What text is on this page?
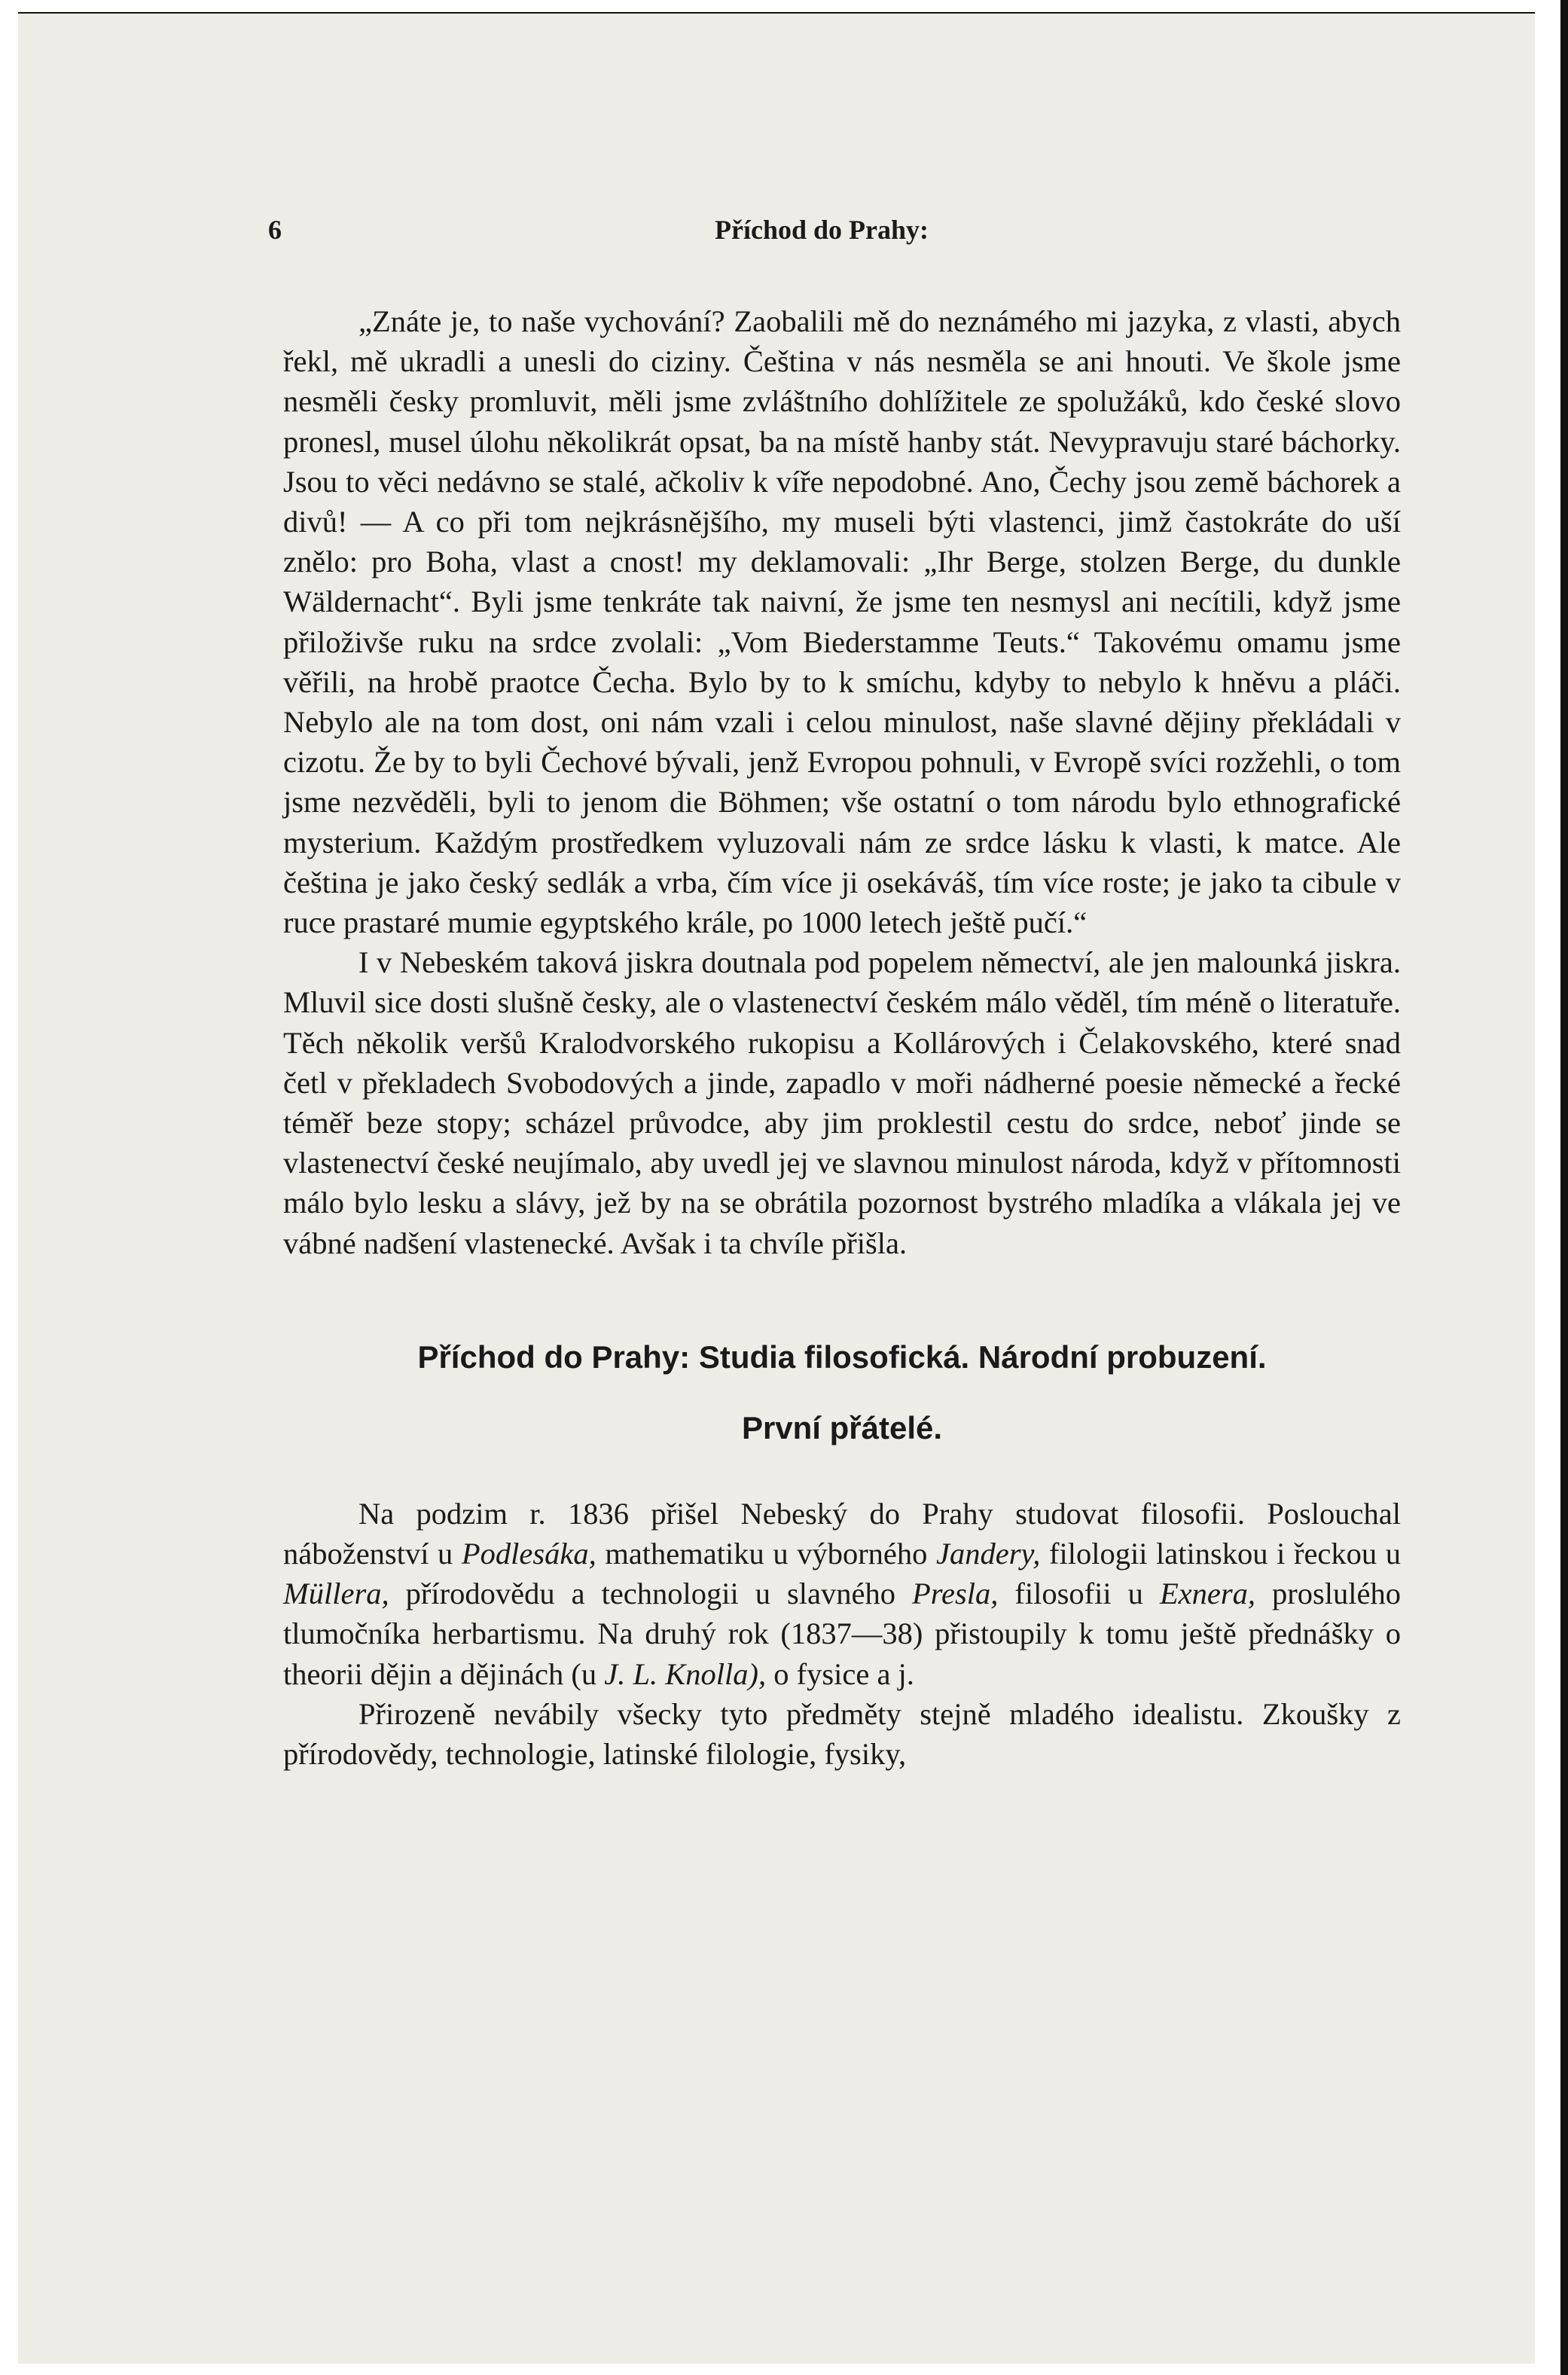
6	Příchod do Prahy:

„Znáte je, to naše vychování? Zaobalili mě do neznámého mi jazyka, z vlasti, abych řekl, mě ukradli a unesli do ciziny. Čeština v nás nesměla se ani hnouti. Ve škole jsme nesměli česky promluvit, měli jsme zvláštního dohlížitele ze spolužáků, kdo české slovo pronesl, musel úlohu několikrát opsat, ba na místě hanby stát. Nevypravuju staré báchorky. Jsou to věci nedávno se stalé, ačkoliv k víře nepodobné. Ano, Čechy jsou země báchorek a divů! — A co při tom nejkrásnějšího, my museli býti vlastenci, jimž častokráte do uší znělo: pro Boha, vlast a cnost! my deklamovali: „Ihr Berge, stolzen Berge, du dunkle Wäldernacht“. Byli jsme tenkráte tak naivní, že jsme ten nesmysl ani necítili, když jsme přiloživše ruku na srdce zvolali: „Vom Biederstamme Teuts.“ Takovému omamu jsme věřili, na hrobě praotce Čecha. Bylo by to k smíchu, kdyby to nebylo k hněvu a pláči. Nebylo ale na tom dost, oni nám vzali i celou minulost, naše slavné dějiny překládali v cizotu. Že by to byli Čechové bývali, jenž Evropou pohnuli, v Evropě svíci rozžehli, o tom jsme nezvěděli, byli to jenom die Böhmen; vše ostatní o tom národu bylo ethnografické mysterium. Každým prostředkem vyluzovali nám ze srdce lásku k vlasti, k matce. Ale čeština je jako český sedlák a vrba, čím více ji osekáváš, tím více roste; je jako ta cibule v ruce prastaré mumie egyptského krále, po 1000 letech ještě pučí.“

I v Nebeském taková jiskra doutnala pod popelem němectví, ale jen malounká jiskra. Mluvil sice dosti slušně česky, ale o vlastenectví českém málo věděl, tím méně o literatuře. Těch několik veršů Kralodvorského rukopisu a Kollárových i Čelakovského, které snad četl v překladech Svobodových a jinde, zapadlo v moři nádherné poesie německé a řecké téměř beze stopy; scházel průvodce, aby jim proklestil cestu do srdce, neboť jinde se vlastenectví české neujímalo, aby uvedl jej ve slavnou minulost národa, když v přítomnosti málo bylo lesku a slávy, jež by na se obrátila pozornost bystrého mladíka a vlákala jej ve vábné nadšení vlastenecké. Avšak i ta chvíle přišla.

Příchod do Prahy: Studia filosofická. Národní probuzení.
První přátelé.

Na podzim r. 1836 přišel Nebeský do Prahy studovat filosofii. Poslouchal náboženství u Podlesáka, mathematiku u výborného Jandery, filologii latinskou i řeckou u Müllera, přírodovědu a technologii u slavného Presla, filosofii u Exnera, proslulého tlumočníka herbartismu. Na druhý rok (1837—38) přistoupily k tomu ještě přednášky o theorii dějin a dějinách (u J. L. Knolla), o fysice a j.

Přirozeně nevábily všecky tyto předměty stejně mladého idealistu. Zkoušky z přírodovědy, technologie, latinské filologie, fysiky,
